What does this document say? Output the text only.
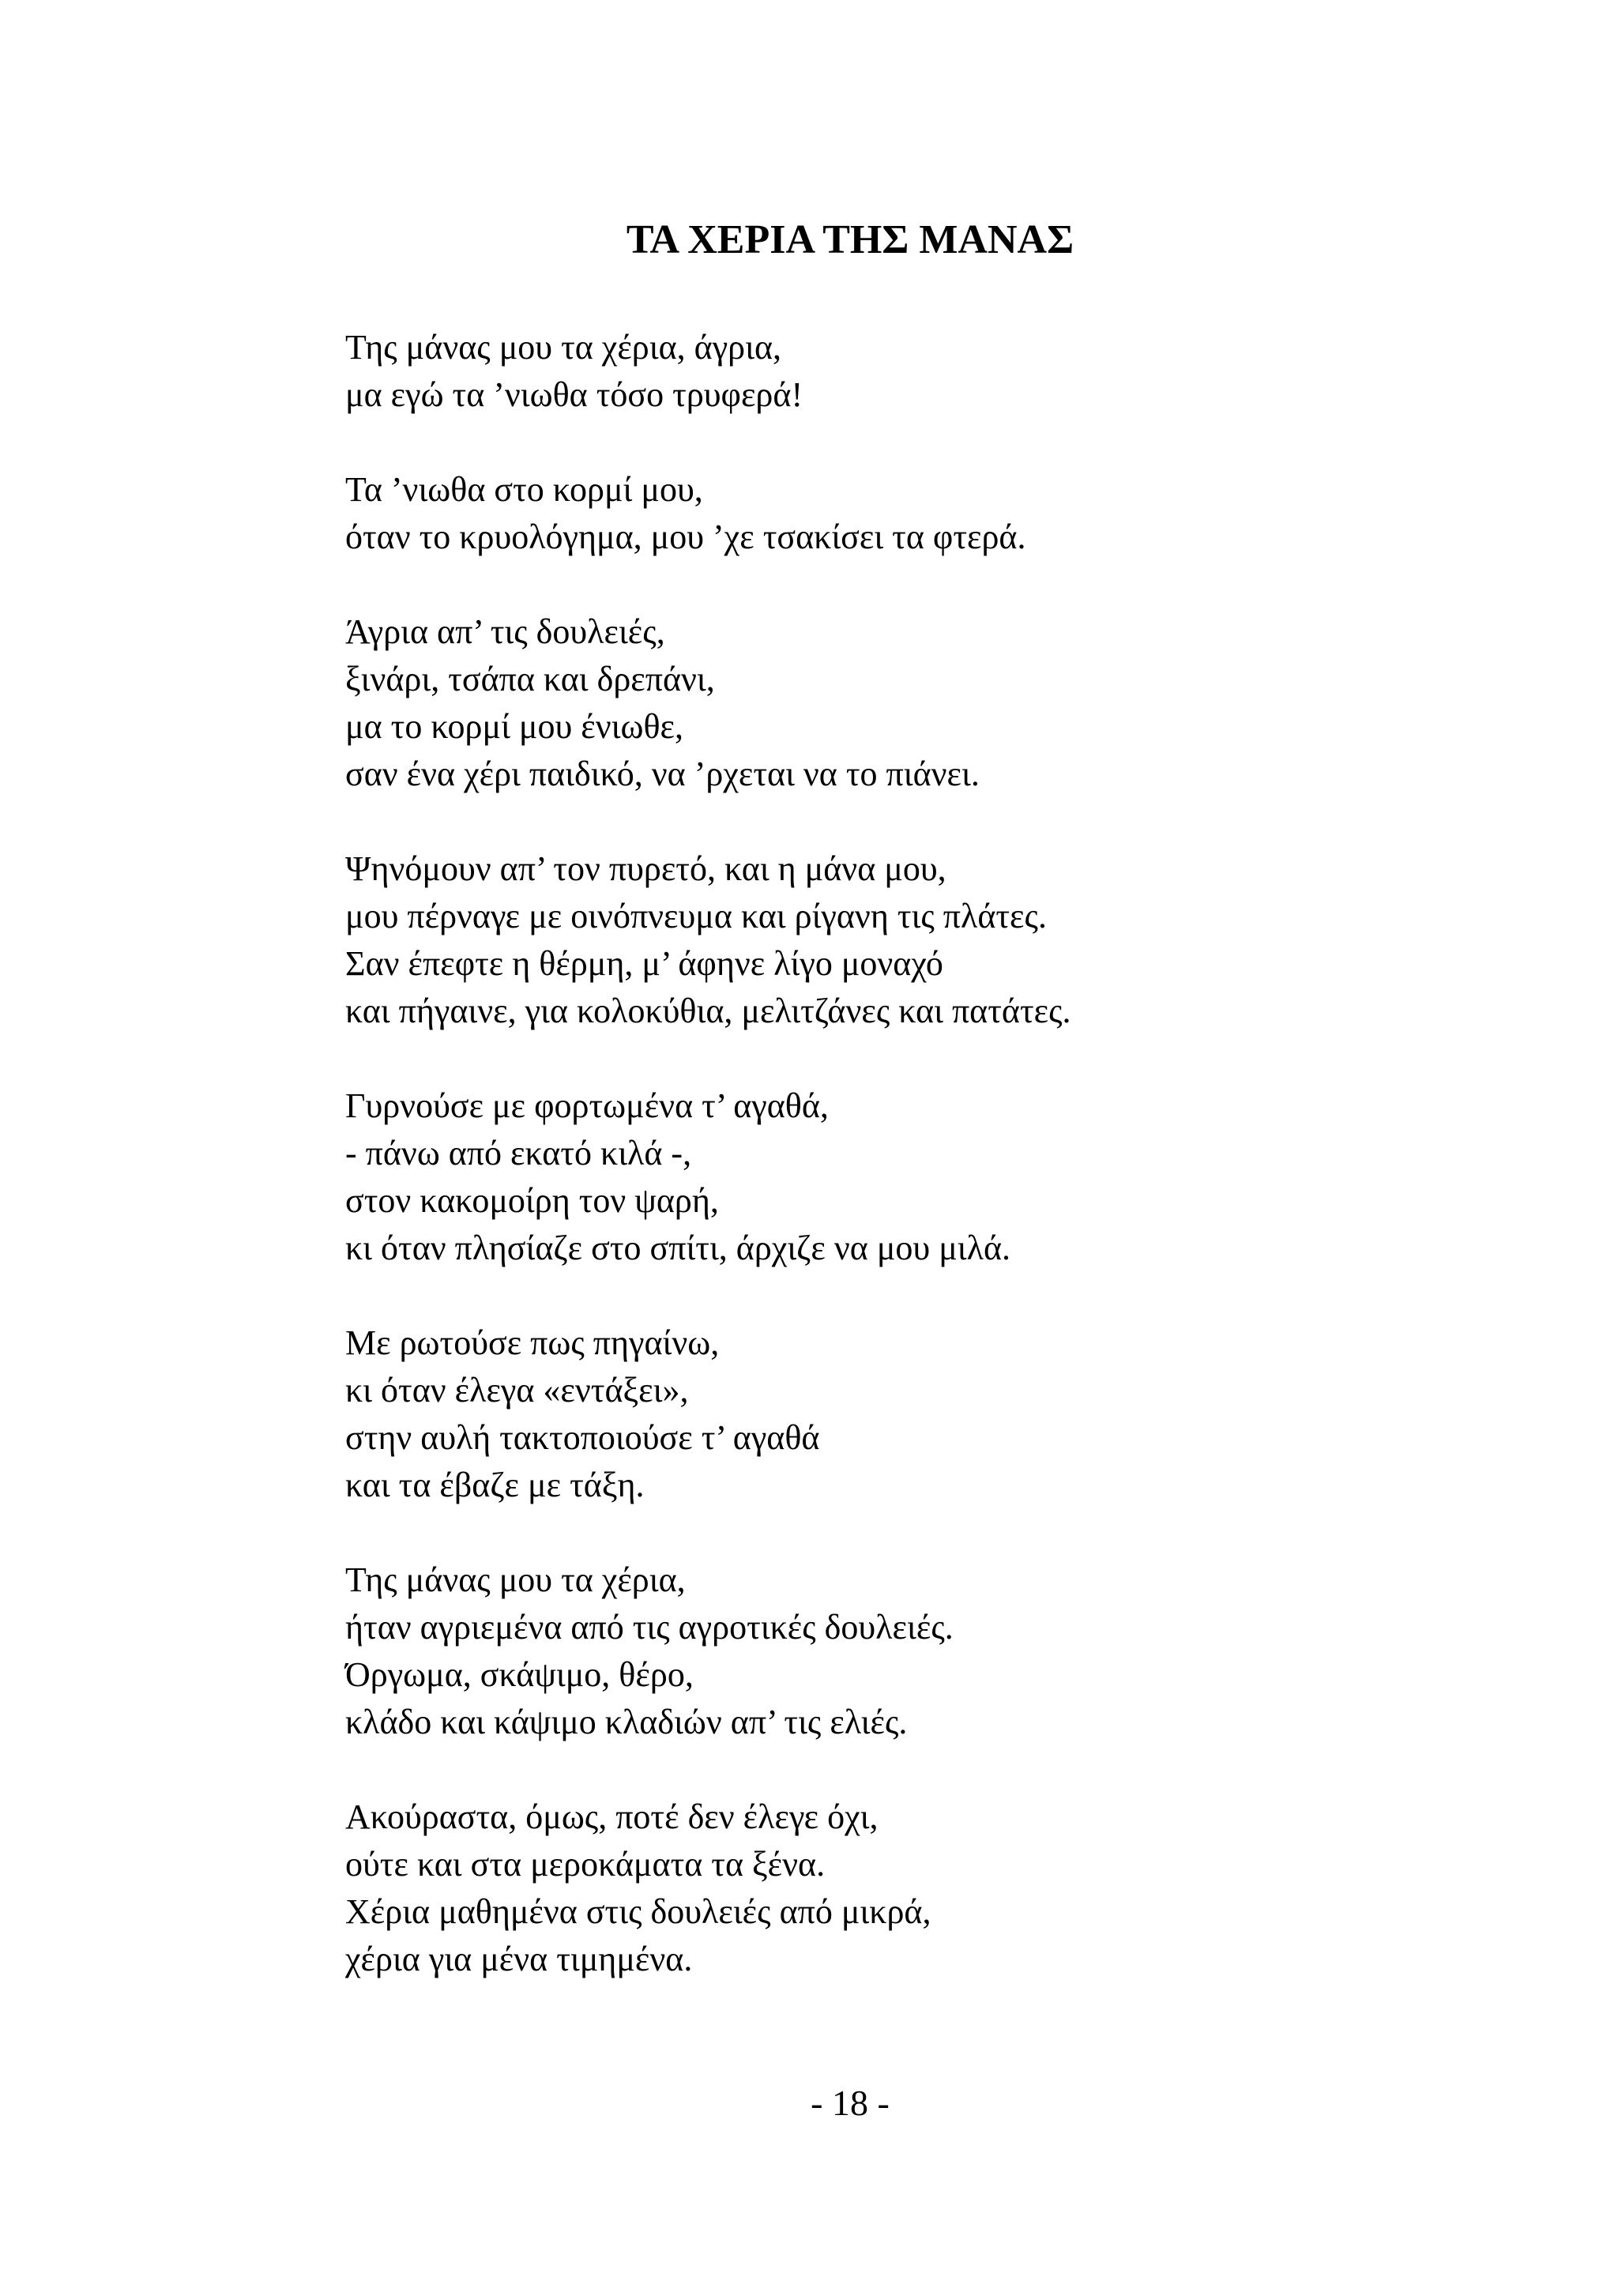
ΤΑ ΧΕΡΙΑ ΤΗΣ ΜΑΝΑΣ
Της μάνας μου τα χέρια, άγρια,
μα εγώ τα ’νιωθα τόσο τρυφερά!
Τα ’νιωθα στο κορμί μου,
όταν το κρυολόγημα, μου ’χε τσακίσει τα φτερά.
Άγρια απ’ τις δουλειές,
ξινάρι, τσάπα και δρεπάνι,
μα το κορμί μου ένιωθε,
σαν ένα χέρι παιδικό, να ’ρχεται να το πιάνει.
Ψηνόμουν απ’ τον πυρετό, και η μάνα μου,
μου πέρναγε με οινόπνευμα και ρίγανη τις πλάτες.
Σαν έπεφτε η θέρμη, μ’ άφηνε λίγο μοναχό
και πήγαινε, για κολοκύθια, μελιτζάνες και πατάτες.
Γυρνούσε με φορτωμένα τ’ αγαθά,
- πάνω από εκατό κιλά -,
στον κακομοίρη τον ψαρή,
κι όταν πλησίαζε στο σπίτι, άρχιζε να μου μιλά.
Με ρωτούσε πως πηγαίνω,
κι όταν έλεγα «εντάξει»,
στην αυλή τακτοποιούσε τ’ αγαθά
και τα έβαζε με τάξη.
Της μάνας μου τα χέρια,
ήταν αγριεμένα από τις αγροτικές δουλειές.
Όργωμα, σκάψιμο, θέρο,
κλάδο και κάψιμο κλαδιών απ’ τις ελιές.
Ακούραστα, όμως, ποτέ δεν έλεγε όχι,
ούτε και στα μεροκάματα τα ξένα.
Χέρια μαθημένα στις δουλειές από μικρά,
χέρια για μένα τιμημένα.
- 18 -
